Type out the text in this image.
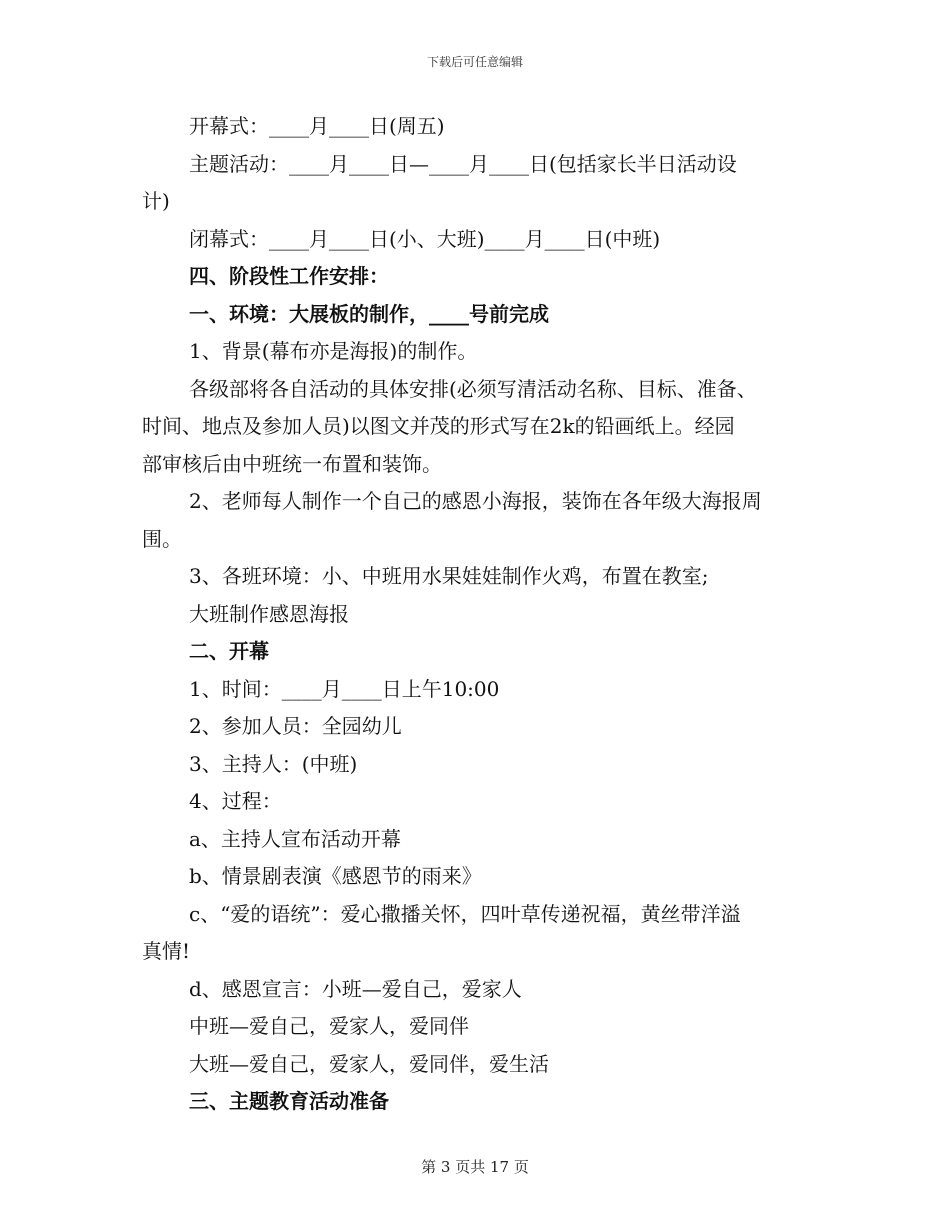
下载后可任意编辑
开幕式：____月____日(周五)
主题活动：____月____日—____月____日(包括家长半日活动设
计)
闭幕式：____月____日(小、大班)____月____日(中班)
四、阶段性工作安排：
一、环境：大展板的制作，____号前完成
1、背景(幕布亦是海报)的制作。
各级部将各自活动的具体安排(必须写清活动名称、目标、准备、
时间、地点及参加人员)以图文并茂的形式写在2k的铅画纸上。经园
部审核后由中班统一布置和装饰。
2、老师每人制作一个自己的感恩小海报，装饰在各年级大海报周
围。
3、各班环境：小、中班用水果娃娃制作火鸡，布置在教室;
大班制作感恩海报
二、开幕
1、时间：____月____日上午10:00
2、参加人员：全园幼儿
3、主持人：(中班)
4、过程：
a、主持人宣布活动开幕
b、情景剧表演《感恩节的雨来》
c、“爱的语统”：爱心撒播关怀，四叶草传递祝福，黄丝带洋溢
真情!
d、感恩宣言：小班—爱自己，爱家人
中班—爱自己，爱家人，爱同伴
大班—爱自己，爱家人，爱同伴，爱生活
三、主题教育活动准备
第 3 页共 17 页
